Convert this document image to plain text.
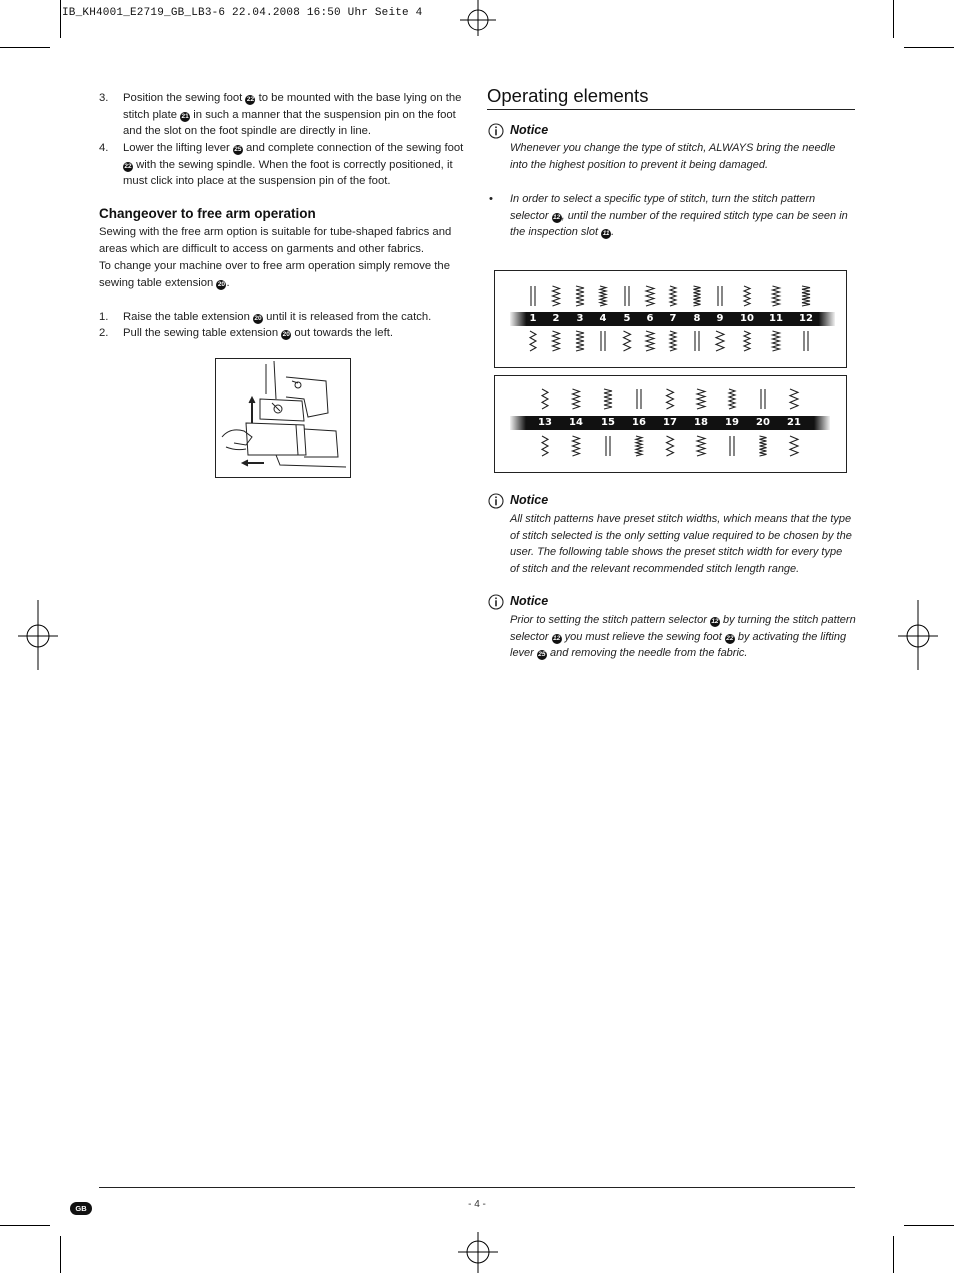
IB_KH4001_E2719_GB_LB3-6 22.04.2008 16:50 Uhr Seite 4
3. Position the sewing foot 22 to be mounted with the base lying on the stitch plate 21 in such a manner that the suspension pin on the foot and the slot on the foot spindle are directly in line.
4. Lower the lifting lever 25 and complete connection of the sewing foot 22 with the sewing spindle. When the foot is correctly positioned, it must click into place at the suspension pin of the foot.
Changeover to free arm operation
Sewing with the free arm option is suitable for tube-shaped fabrics and areas which are difficult to access on garments and other fabrics.
To change your machine over to free arm operation simply remove the sewing table extension 20.
1. Raise the table extension 20 until it is released from the catch.
2. Pull the sewing table extension 20 out towards the left.
Operating elements
Notice
Whenever you change the type of stitch, ALWAYS bring the needle into the highest position to prevent it being damaged.
• In order to select a specific type of stitch, turn the stitch pattern selector 12, until the number of the required stitch type can be seen in the inspection slot 11 .
1 2 3 4 5 6 7 8 9 10 11 12
13 14 15 16 17 18 19 20 21
Notice
All stitch patterns have preset stitch widths, which means that the type of stitch selected is the only setting value required to be chosen by the user. The following table shows the preset stitch width for every type of stitch and the relevant recommended stitch length range.
Notice
Prior to setting the stitch pattern selector 12 by turning the stitch pattern selector 12 you must relieve the sewing foot 22 by activating the lifting lever 25 and removing the needle from the fabric.
GB	- 4 -
